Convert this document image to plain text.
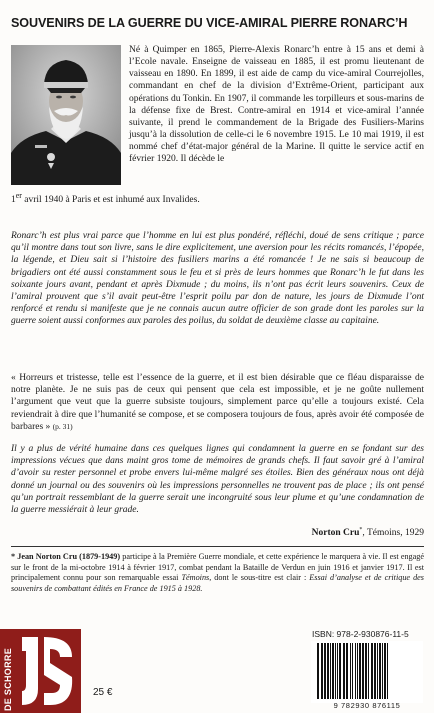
SOUVENIRS DE LA GUERRE DU VICE-AMIRAL PIERRE RONARC’H

Né à Quimper en 1865, Pierre-Alexis Ronarc’h entre à 15 ans et demi à l’Ecole navale. Enseigne de vaisseau en 1885, il est promu lieutenant de vaisseau en 1890. En 1899, il est aide de camp du vice-amiral Courrejolles, commandant en chef de la division d’Extrême-Orient, participant aux opérations du Tonkin. En 1907, il commande les torpilleurs et sous-marins de la défense fixe de Brest. Contre-amiral en 1914 et vice-amiral l’année suivante, il prend le commandement de la Brigade des Fusiliers-Marins jusqu’à la dissolution de celle-ci le 6 novembre 1915. Le 10 mai 1919, il est nommé chef d’état-major général de la Marine. Il quitte le service actif en février 1920. Il décède le

1er avril 1940 à Paris et est inhumé aux Invalides.

Ronarc’h est plus vrai parce que l’homme en lui est plus pondéré, réfléchi, doué de sens critique ; parce qu’il montre dans tout son livre, sans le dire explicitement, une aversion pour les récits romancés, l’épopée, la légende, et Dieu sait si l’histoire des fusiliers marins a été romancée ! Je ne sais si beaucoup de brigadiers ont été aussi constamment sous le feu et si près de leurs hommes que Ronarc’h le fut dans les soixante jours avant, pendant et après Dixmude ; du moins, ils n’ont pas écrit leurs souvenirs. Ceux de l’amiral prouvent que s’il avait peut-être l’esprit poilu par don de nature, les jours de Dixmude l’ont renforcé et rendu si manifeste que je ne connais aucun autre officier de son grade dont les paroles sur la guerre soient aussi conformes aux paroles des poilus, du soldat de deuxième classe au capitaine.

« Horreurs et tristesse, telle est l’essence de la guerre, et il est bien désirable que ce fléau disparaisse de notre planète. Je ne suis pas de ceux qui pensent que cela est impossible, et je ne goûte nullement l’argument que veut que la guerre subsiste toujours, simplement parce qu’elle a toujours existé. Cela reviendrait à dire que l’humanité se compose, et se composera toujours de fous, après avoir été composée de barbares » (p. 31)

Il y a plus de vérité humaine dans ces quelques lignes qui condamnent la guerre en se fondant sur des impressions vécues que dans maint gros tome de mémoires de grands chefs. Il faut savoir gré à l’amiral d’avoir su rester personnel et probe envers lui-même malgré ses étoiles. Bien des généraux nous ont déjà donné un journal ou des souvenirs où les impressions personnelles ne trouvent pas de place ; ils ont pensé qu’un portrait ressemblant de la guerre serait une incongruité sous leur plume et qu’une condamnation de la guerre messiérait à leur grade.

Norton Cru*, Témoins, 1929

* Jean Norton Cru (1879-1949) participe à la Première Guerre mondiale, et cette expérience le marquera à vie. Il est engagé sur le front de la mi-octobre 1914 à février 1917, combat pendant la Bataille de Verdun en juin 1916 et janvier 1917. Il est principalement connu pour son remarquable essai Témoins, dont le sous-titre est clair : Essai d’analyse et de critique des souvenirs de combattant édités en France de 1915 à 1928.

DE SCHORRE	25 €
ISBN: 978-2-930876-11-5
9 782930 876115
